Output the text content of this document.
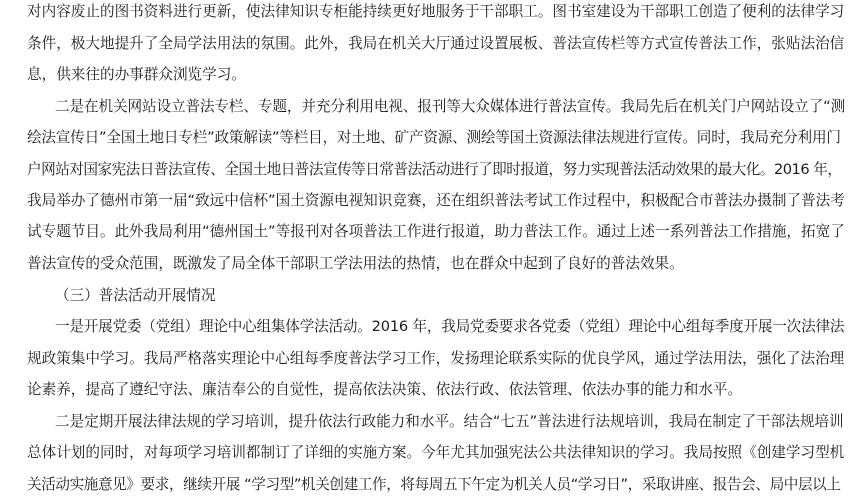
对内容废止的图书资料进行更新，使法律知识专柜能持续更好地服务于干部职工。图书室建设为干部职工创造了便利的法律学习
条件，极大地提升了全局学法用法的氛围。此外，我局在机关大厅通过设置展板、普法宣传栏等方式宣传普法工作，张贴法治信
息，供来往的办事群众浏览学习。
二是在机关网站设立普法专栏、专题，并充分利用电视、报刊等大众媒体进行普法宣传。我局先后在机关门户网站设立了“测
绘法宣传日”全国土地日专栏”政策解读”等栏目，对土地、矿产资源、测绘等国土资源法律法规进行宣传。同时，我局充分利用门
户网站对国家宪法日普法宣传、全国土地日普法宣传等日常普法活动进行了即时报道，努力实现普法活动效果的最大化。2016 年，
我局举办了德州市第一届“致远中信杯”国土资源电视知识竞赛，还在组织普法考试工作过程中，积极配合市普法办摄制了普法考
试专题节目。此外我局利用“德州国土”等报刊对各项普法工作进行报道，助力普法工作。通过上述一系列普法工作措施，拓宽了
普法宣传的受众范围，既激发了局全体干部职工学法用法的热情，也在群众中起到了良好的普法效果。
（三）普法活动开展情况
一是开展党委（党组）理论中心组集体学法活动。2016 年，我局党委要求各党委（党组）理论中心组每季度开展一次法律法
规政策集中学习。我局严格落实理论中心组每季度普法学习工作，发扬理论联系实际的优良学风，通过学法用法，强化了法治理
论素养，提高了遵纪守法、廉洁奉公的自觉性，提高依法决策、依法行政、依法管理、依法办事的能力和水平。
二是定期开展法律法规的学习培训，提升依法行政能力和水平。结合“七五”普法进行法规培训，我局在制定了干部法规培训
总体计划的同时，对每项学习培训都制订了详细的实施方案。今年尤其加强宪法公共法律知识的学习。我局按照《创建学习型机
关活动实施意见》要求，继续开展 “学习型”机关创建工作，将每周五下午定为机关人员“学习日”，采取讲座、报告会、局中层以上
